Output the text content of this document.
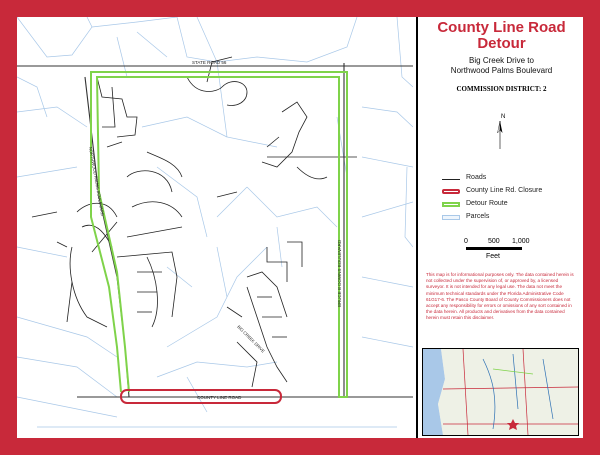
STATE ROAD 56
BRUCE B DOWNS BOULEVARD
NORTHWOOD PALMS BOULEVARD
BIG CREEK DRIVE
COUNTY LINE ROAD
County Line Road
Detour
Big Creek Drive to
Northwood Palms Boulevard
COMMISSION DISTRICT: 2
N
Roads
County Line Rd. Closure
Detour Route
Parcels
0	500 1,000
Feet
This map is for informational purposes only. The data contained herein is not collected under the supervision of, or approved by, a licensed surveyor. It is not intended for any legal use. The data not meet the minimum technical standards under the Florida Administrative Code 61G17-6. The Pasco County Board of County Commissioners does not accept any responsibility for errors or omissions of any sort contained in the data herein. All products and derivatives from the data contained herein must retain this disclaimer.
